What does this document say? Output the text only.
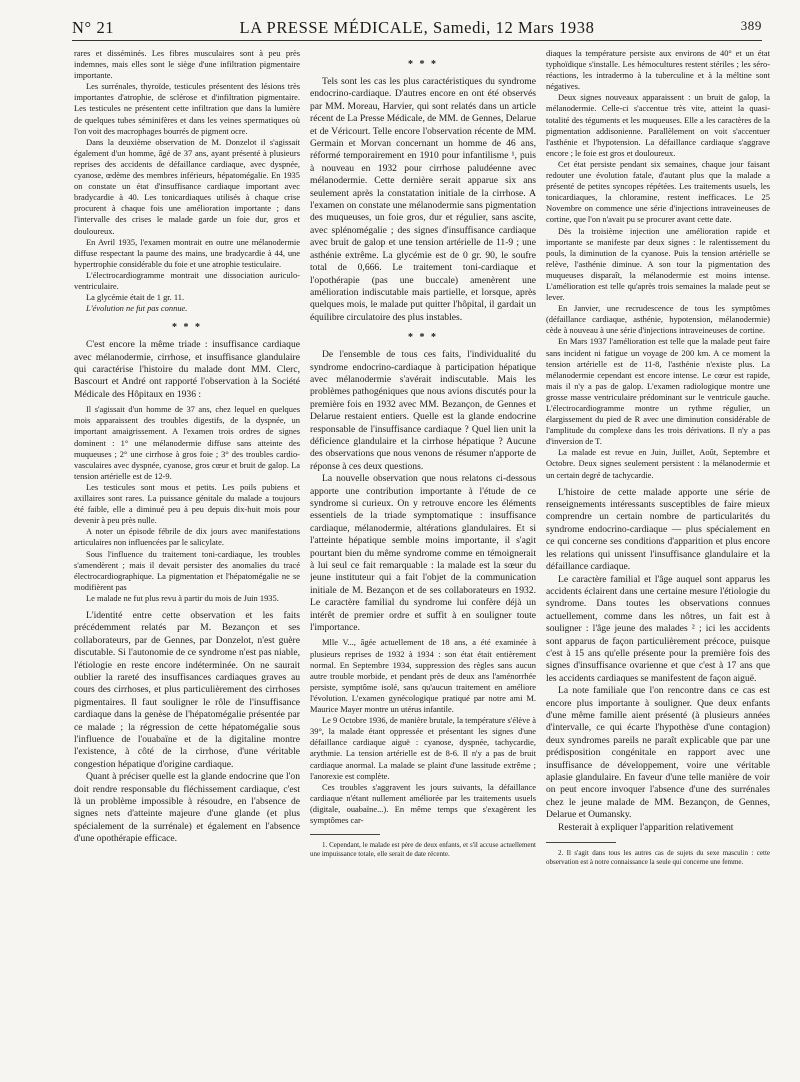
N° 21	LA PRESSE MÉDICALE, Samedi, 12 Mars 1938	389

rares et disséminés. Les fibres musculaires sont à peu près indemnes, mais elles sont le siège d'une infiltration pigmentaire importante.

Les surrénales, thyroïde, testicules présentent des lésions très importantes d'atrophie, de sclérose et d'infiltration pigmentaire. Les testicules ne présentent cette infiltration que dans la lumière de quelques tubes séminifères et dans les veines spermatiques où l'on voit des macrophages bourrés de pigment ocre.

Dans la deuxième observation de M. Donzelot il s'agissait également d'un homme, âgé de 37 ans, ayant présenté à plusieurs reprises des accidents de défaillance cardiaque, avec dyspnée, cyanose, œdème des membres inférieurs, hépatomégalie. En 1935 on constate un état d'insuffisance cardiaque important avec bradycardie à 40. Les tonicardiaques utilisés à chaque crise procurent à chaque fois une amélioration importante ; dans l'intervalle des crises le malade garde un foie dur, gros et douloureux.

En Avril 1935, l'examen montrait en outre une mélanodermie diffuse respectant la paume des mains, une bradycardie à 44, une hypertrophie considérable du foie et une atrophie testiculaire.

L'électrocardiogramme montrait une dissociation auriculo-ventriculaire.

La glycémie était de 1 gr. 11.

L'évolution ne fut pas connue.

* * *

C'est encore la même triade : insuffisance cardiaque avec mélanodermie, cirrhose, et insuffisance glandulaire qui caractérise l'histoire du malade dont MM. Clerc, Bascourt et André ont rapporté l'observation à la Société Médicale des Hôpitaux en 1936 :

Il s'agissait d'un homme de 37 ans, chez lequel en quelques mois apparaissent des troubles digestifs, de la dyspnée, un important amaigrissement. A l'examen trois ordres de signes dominent : 1° une mélanodermie diffuse sans atteinte des muqueuses ; 2° une cirrhose à gros foie ; 3° des troubles cardio-vasculaires avec dyspnée, cyanose, gros cœur et bruit de galop. La tension artérielle est de 12-9.

Les testicules sont mous et petits. Les poils pubiens et axillaires sont rares. La puissance génitale du malade a toujours été faible, elle a diminué peu à peu depuis dix-huit mois pour devenir à peu près nulle.

A noter un épisode fébrile de dix jours avec manifestations articulaires non influencées par le salicylate.

Sous l'influence du traitement toni-cardiaque, les troubles s'amendèrent ; mais il devait persister des anomalies du tracé électrocardiographique. La pigmentation et l'hépatomégalie ne se modifièrent pas

Le malade ne fut plus revu à partir du mois de Juin 1935.

L'identité entre cette observation et les faits précédemment relatés par M. Bezançon et ses collaborateurs, par de Gennes, par Donzelot, n'est guère discutable. Si l'autonomie de ce syndrome n'est pas niable, l'étiologie en reste encore indéterminée. On ne saurait oublier la rareté des insuffisances cardiaques graves au cours des cirrhoses, et plus particulièrement des cirrhoses pigmentaires. Il faut souligner le rôle de l'insuffisance cardiaque dans la genèse de l'hépatomégalie présentée par ce malade ; la régression de cette hépatomégalie sous l'influence de l'ouabaïne et de la digitaline montre l'existence, à côté de la cirrhose, d'une véritable congestion hépatique d'origine cardiaque.

Quant à préciser quelle est la glande endocrine que l'on doit rendre responsable du fléchissement cardiaque, c'est là un problème impossible à résoudre, en l'absence de signes nets d'atteinte majeure d'une glande (et plus spécialement de la surrénale) et également en l'absence d'une opothérapie efficace.

* * *

Tels sont les cas les plus caractéristiques du syndrome endocrino-cardiaque. D'autres encore en ont été observés par MM. Moreau, Harvier, qui sont relatés dans un article récent de La Presse Médicale, de MM. de Gennes, Delarue et de Véricourt. Telle encore l'observation récente de MM. Germain et Morvan concernant un homme de 46 ans, réformé temporairement en 1910 pour infantilisme ¹, puis à nouveau en 1932 pour cirrhose paludéenne avec mélanodermie. Cette dernière serait apparue six ans seulement après la constatation initiale de la cirrhose. A l'examen on constate une mélanodermie sans pigmentation des muqueuses, un foie gros, dur et régulier, sans ascite, avec splénomégalie ; des signes d'insuffisance cardiaque avec bruit de galop et une tension artérielle de 11-9 ; une asthénie extrême. La glycémie est de 0 gr. 90, le soufre total de 0,666. Le traitement toni-cardiaque et l'opothérapie (pas une buccale) amenèrent une amélioration indiscutable mais partielle, et lorsque, après quelques mois, le malade put quitter l'hôpital, il gardait un équilibre circulatoire des plus instables.

* * *

De l'ensemble de tous ces faits, l'individualité du syndrome endocrino-cardiaque à participation hépatique avec mélanodermie s'avérait indiscutable. Mais les problèmes pathogéniques que nous avions discutés pour la première fois en 1932 avec MM. Bezançon, de Gennes et Delarue restaient entiers. Quelle est la glande endocrine responsable de l'insuffisance cardiaque ? Quel lien unit la déficience glandulaire et la cirrhose hépatique ? Aucune des observations que nous venons de résumer n'apporte de réponse à ces deux questions.

La nouvelle observation que nous relatons ci-dessous apporte une contribution importante à l'étude de ce syndrome si curieux. On y retrouve encore les éléments essentiels de la triade symptomatique : insuffisance cardiaque, mélanodermie, altérations glandulaires. Et si l'atteinte hépatique semble moins importante, il s'agit pourtant bien du même syndrome comme en témoignerait à lui seul ce fait remarquable : la malade est la sœur du jeune instituteur qui a fait l'objet de la communication initiale de M. Bezançon et de ses collaborateurs en 1932. Le caractère familial du syndrome lui confère déjà un intérêt de premier ordre et suffit à en souligner toute l'importance.

Mlle V..., âgée actuellement de 18 ans, a été examinée à plusieurs reprises de 1932 à 1934 : son état était entièrement normal. En Septembre 1934, suppression des règles sans aucun autre trouble morbide, et pendant près de deux ans l'aménorrhée persiste, symptôme isolé, sans qu'aucun traitement en améliore l'évolution. L'examen gynécologique pratiqué par notre ami M. Maurice Mayer montre un utérus infantile.

Le 9 Octobre 1936, de manière brutale, la température s'élève à 39°, la malade étant oppressée et présentant les signes d'une défaillance cardiaque aiguë : cyanose, dyspnée, tachycardie, arythmie. La tension artérielle est de 8-6. Il n'y a pas de bruit cardiaque anormal. La malade se plaint d'une lassitude extrême ; l'anorexie est complète.

Ces troubles s'aggravent les jours suivants, la défaillance cardiaque n'étant nullement améliorée par les traitements usuels (digitale, ouabaïne...). En même temps que s'exagèrent les symptômes car-

1. Cependant, le malade est père de deux enfants, et s'il accuse actuellement une impuissance totale, elle serait de date récente.

diaques la température persiste aux environs de 40° et un état typhoïdique s'installe. Les hémocultures restent stériles ; les séro-réactions, les intradermo à la tuberculine et à la méltine sont négatives.

Deux signes nouveaux apparaissent : un bruit de galop, la mélanodermie. Celle-ci s'accentue très vite, atteint la quasi-totalité des téguments et les muqueuses. Elle a les caractères de la pigmentation addisonienne. Parallèlement on voit s'accentuer l'asthénie et l'hypotension. La défaillance cardiaque s'aggrave encore ; le foie est gros et douloureux.

Cet état persiste pendant six semaines, chaque jour faisant redouter une évolution fatale, d'autant plus que la malade a présenté de petites syncopes répétées. Les traitements usuels, les tonicardiaques, la chloramine, restent inefficaces. Le 25 Novembre on commence une série d'injections intraveineuses de cortine, que l'on n'avait pu se procurer avant cette date.

Dès la troisième injection une amélioration rapide et importante se manifeste par deux signes : le ralentissement du pouls, la diminution de la cyanose. Puis la tension artérielle se relève, l'asthénie diminue. A son tour la pigmentation des muqueuses disparaît, la mélanodermie est moins intense. L'amélioration est telle qu'après trois semaines la malade peut se lever.

En Janvier, une recrudescence de tous les symptômes (défaillance cardiaque, asthénie, hypotension, mélanodermie) cède à nouveau à une série d'injections intraveineuses de cortine.

En Mars 1937 l'amélioration est telle que la malade peut faire sans incident ni fatigue un voyage de 200 km. A ce moment la tension artérielle est de 11-8, l'asthénie n'existe plus. La mélanodermie cependant est encore intense. Le cœur est rapide, mais il n'y a pas de galop. L'examen radiologique montre une grosse masse ventriculaire prédominant sur le ventricule gauche. L'électrocardiogramme montre un rythme régulier, un élargissement du pied de R avec une diminution considérable de l'amplitude du complexe dans les trois dérivations. Il n'y a pas d'inversion de T.

La malade est revue en Juin, Juillet, Août, Septembre et Octobre. Deux signes seulement persistent : la mélanodermie et un certain degré de tachycardie.

L'histoire de cette malade apporte une série de renseignements intéressants susceptibles de faire mieux comprendre un certain nombre de particularités du syndrome endocrino-cardiaque — plus spécialement en ce qui concerne ses conditions d'apparition et plus encore les relations qui unissent l'insuffisance glandulaire et la défaillance cardiaque.

Le caractère familial et l'âge auquel sont apparus les accidents éclairent dans une certaine mesure l'étiologie du syndrome. Dans toutes les observations connues actuellement, comme dans les nôtres, un fait est à souligner : l'âge jeune des malades ² ; ici les accidents sont apparus de façon particulièrement précoce, puisque c'est à 15 ans qu'elle présente pour la première fois des signes d'insuffisance ovarienne et que c'est à 17 ans que les accidents cardiaques se manifestent de façon aiguë.

La note familiale que l'on rencontre dans ce cas est encore plus importante à souligner. Que deux enfants d'une même famille aient présenté (à plusieurs années d'intervalle, ce qui écarte l'hypothèse d'une contagion) deux syndromes pareils ne paraît explicable que par une prédisposition congénitale en rapport avec une insuffisance de développement, voire une véritable aplasie glandulaire. En faveur d'une telle manière de voir on peut encore invoquer l'absence d'une des surrénales chez le jeune malade de MM. Bezançon, de Gennes, Delarue et Oumansky.

Resterait à expliquer l'apparition relativement

2. Il s'agit dans tous les autres cas de sujets du sexe masculin : cette observation est à notre connaissance la seule qui concerne une femme.
